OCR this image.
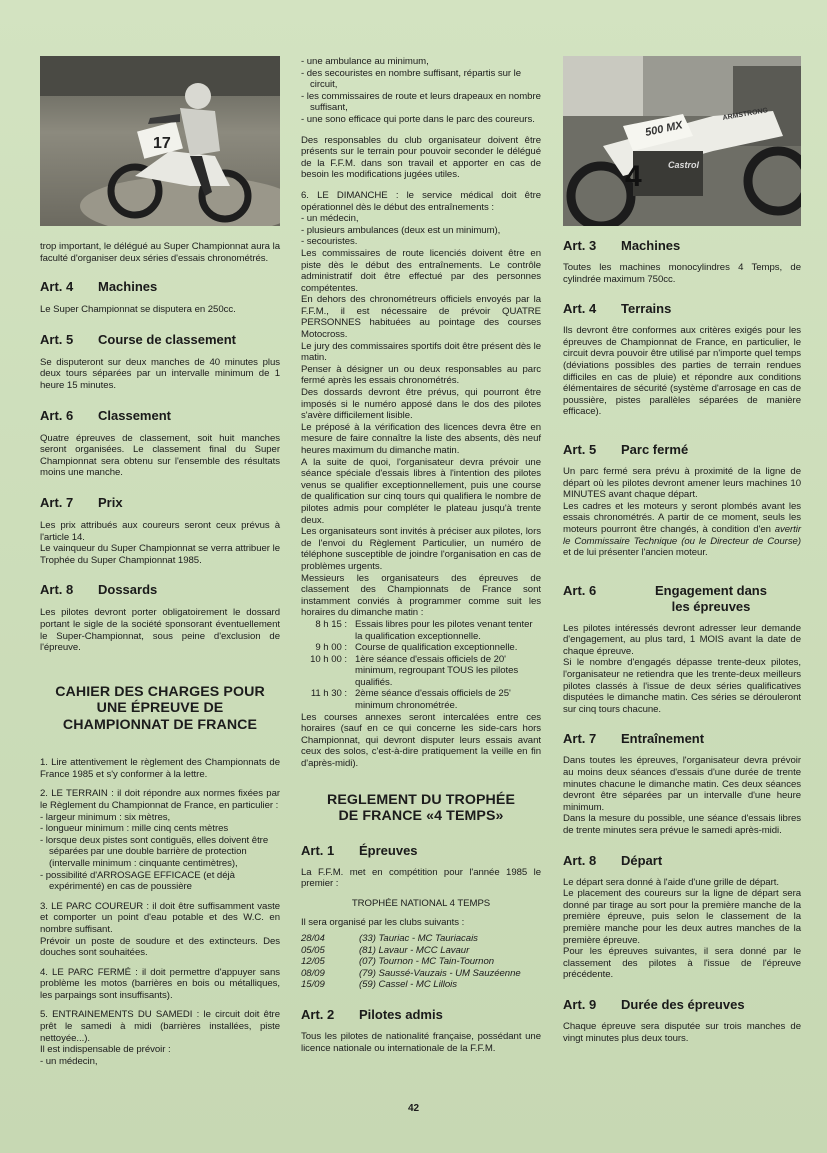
17

trop important, le délégué au Super Championnat aura la faculté d'organiser deux séries d'essais chronométrés.

Art. 4	Machines

Le Super Championnat se disputera en 250cc.

Art. 5	Course de classement

Se disputeront sur deux manches de 40 minutes plus deux tours séparées par un intervalle minimum de 1 heure 15 minutes.

Art. 6	Classement

Quatre épreuves de classement, soit huit manches seront organisées. Le classement final du Super Championnat sera obtenu sur l'ensemble des résultats moins une manche.

Art. 7	Prix

Les prix attribués aux coureurs seront ceux prévus à l'article 14.

Le vainqueur du Super Championnat se verra attribuer le Trophée du Super Championnat 1985.

Art. 8	Dossards

Les pilotes devront porter obligatoirement le dossard portant le sigle de la société sponsorant éventuellement le Super-Championnat, sous peine d'exclusion de l'épreuve.

CAHIER DES CHARGES POUR
UNE ÉPREUVE DE
CHAMPIONNAT DE FRANCE

1. Lire attentivement le règlement des Championnats de France 1985 et s'y conformer à la lettre.

2. LE TERRAIN : il doit répondre aux normes fixées par le Règlement du Championnat de France, en particulier :

- largeur minimum : six mètres,
- longueur minimum : mille cinq cents mètres
- lorsque deux pistes sont contiguës, elles doivent être séparées par une double barrière de protection (intervalle minimum : cinquante centimètres),
- possibilité d'ARROSAGE EFFICACE (et déjà expérimenté) en cas de poussière

3. LE PARC COUREUR : il doit être suffisamment vaste et comporter un point d'eau potable et des W.C. en nombre suffisant.

Prévoir un poste de soudure et des extincteurs. Des douches sont souhaitées.

4. LE PARC FERMÉ : il doit permettre d'appuyer sans problème les motos (barrières en bois ou métalliques, les parpaings sont insuffisants).

5. ENTRAINEMENTS DU SAMEDI : le circuit doit être prêt le samedi à midi (barrières installées, piste nettoyée...).

Il est indispensable de prévoir :

- un médecin,
- une ambulance au minimum,
- des secouristes en nombre suffisant, répartis sur le circuit,
- les commissaires de route et leurs drapeaux en nombre suffisant,
- une sono efficace qui porte dans le parc des coureurs.

Des responsables du club organisateur doivent être présents sur le terrain pour pouvoir seconder le délégué de la F.F.M. dans son travail et apporter en cas de besoin les modifications jugées utiles.

6. LE DIMANCHE : le service médical doit être opérationnel dès le début des entraînements :

- un médecin,
- plusieurs ambulances (deux est un minimum),
- secouristes.

Les commissaires de route licenciés doivent être en piste dès le début des entraînements. Le contrôle administratif doit être effectué par des personnes compétentes.

En dehors des chronométreurs officiels envoyés par la F.F.M., il est nécessaire de prévoir QUATRE PERSONNES habituées au pointage des courses Motocross.

Le jury des commissaires sportifs doit être présent dès le matin.

Penser à désigner un ou deux responsables au parc fermé après les essais chronométrés.

Des dossards devront être prévus, qui pourront être imposés si le numéro apposé dans le dos des pilotes s'avère difficilement lisible.

Le préposé à la vérification des licences devra être en mesure de faire connaître la liste des absents, dès neuf heures maximum du dimanche matin.

A la suite de quoi, l'organisateur devra prévoir une séance spéciale d'essais libres à l'intention des pilotes venus se qualifier exceptionnellement, puis une course de qualification sur cinq tours qui qualifiera le nombre de pilotes admis pour compléter le plateau jusqu'à trente deux.

Les organisateurs sont invités à préciser aux pilotes, lors de l'envoi du Règlement Particulier, un numéro de téléphone susceptible de joindre l'organisation en cas de problèmes urgents.

Messieurs les organisateurs des épreuves de classement des Championnats de France sont instamment conviés à programmer comme suit les horaires du dimanche matin :

8 h 15 : Essais libres pour les pilotes venant tenter la qualification exceptionnelle.
9 h 00 : Course de qualification exceptionnelle.
10 h 00 : 1ère séance d'essais officiels de 20' minimum, regroupant TOUS les pilotes qualifiés.
11 h 30 : 2ème séance d'essais officiels de 25' minimum chronométrée.

Les courses annexes seront intercalées entre ces horaires (sauf en ce qui concerne les side-cars hors Championnat, qui devront disputer leurs essais avant ceux des solos, c'est-à-dire pratiquement la veille en fin d'après-midi).

REGLEMENT DU TROPHÉE
DE FRANCE «4 TEMPS»
Art. 1	Épreuves

La F.F.M. met en compétition pour l'année 1985 le premier :

TROPHÉE NATIONAL 4 TEMPS

Il sera organisé par les clubs suivants :

28/04	(33) Tauriac - MC Tauriacais
05/05	(81) Lavaur - MCC Lavaur
12/05	(07) Tournon - MC Tain-Tournon
08/09	(79) Saussé-Vauzais - UM Sauzéenne
15/09	(59) Cassel - MC Lillois
Art. 2	Pilotes admis

Tous les pilotes de nationalité française, possédant une licence nationale ou internationale de la F.F.M.

500 MX
ARMSTRONG
4	Castrol
Art. 3	Machines

Toutes les machines monocylindres 4 Temps, de cylindrée maximum 750cc.

Art. 4	Terrains

Ils devront être conformes aux critères exigés pour les épreuves de Championnat de France, en particulier, le circuit devra pouvoir être utilisé par n'importe quel temps (déviations possibles des parties de terrain rendues difficiles en cas de pluie) et répondre aux conditions élémentaires de sécurité (système d'arrosage en cas de poussière, pistes parallèles séparées de manière efficace).

Art. 5	Parc fermé

Un parc fermé sera prévu à proximité de la ligne de départ où les pilotes devront amener leurs machines 10 MINUTES avant chaque départ.

Les cadres et les moteurs y seront plombés avant les essais chronométrés. A partir de ce moment, seuls les moteurs pourront être changés, à condition d'en avertir le Commissaire Technique (ou le Directeur de Course) et de lui présenter l'ancien moteur.

Art. 6	Engagement dans
les épreuves

Les pilotes intéressés devront adresser leur demande d'engagement, au plus tard, 1 MOIS avant la date de chaque épreuve.

Si le nombre d'engagés dépasse trente-deux pilotes, l'organisateur ne retiendra que les trente-deux meilleurs pilotes classés à l'issue de deux séries qualificatives disputées le dimanche matin. Ces séries se dérouleront sur cinq tours chacune.

Art. 7	Entraînement

Dans toutes les épreuves, l'organisateur devra prévoir au moins deux séances d'essais d'une durée de trente minutes chacune le dimanche matin. Ces deux séances devront être séparées par un intervalle d'une heure minimum.

Dans la mesure du possible, une séance d'essais libres de trente minutes sera prévue le samedi après-midi.

Art. 8	Départ

Le départ sera donné à l'aide d'une grille de départ.

Le placement des coureurs sur la ligne de départ sera donné par tirage au sort pour la première manche de la première épreuve, puis selon le classement de la première manche pour les deux autres manches de la première épreuve.

Pour les épreuves suivantes, il sera donné par le classement des pilotes à l'issue de l'épreuve précédente.

Art. 9	Durée des épreuves

Chaque épreuve sera disputée sur trois manches de vingt minutes plus deux tours.

42
